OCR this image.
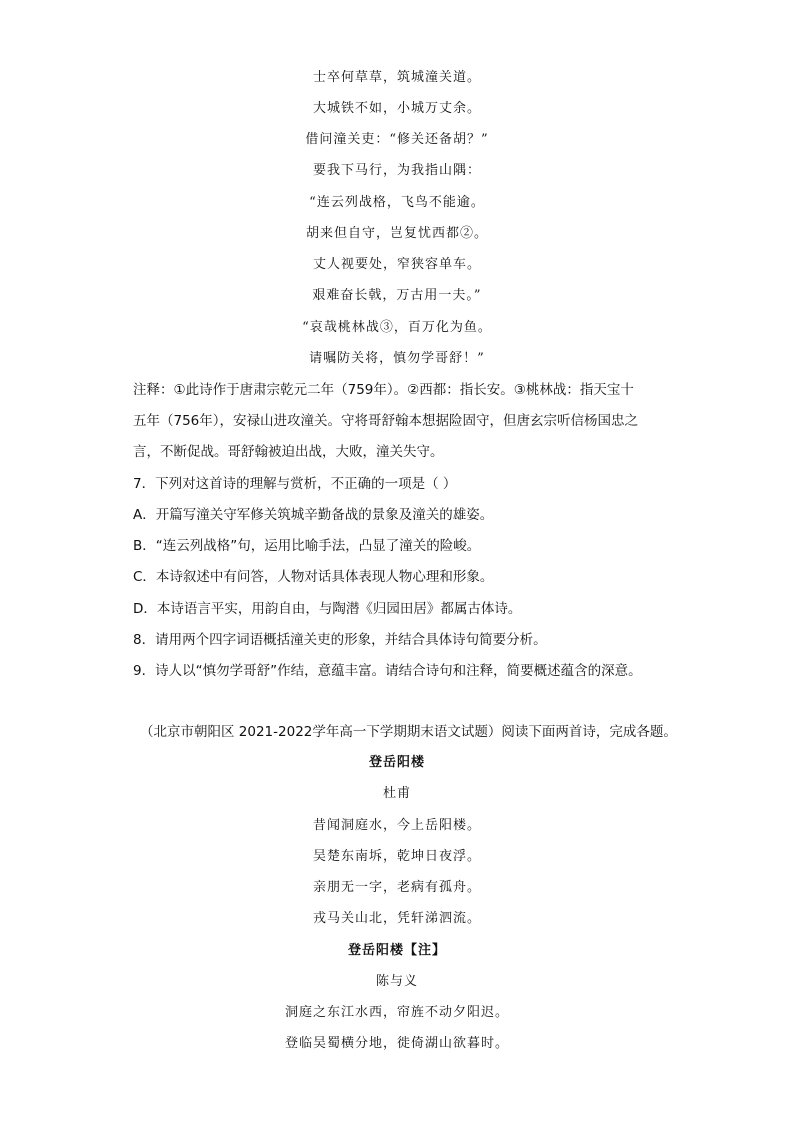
士卒何草草，筑城潼关道。
大城铁不如，小城万丈余。
借问潼关吏：“修关还备胡？”
要我下马行，为我指山隅：
“连云列战格，飞鸟不能逾。
胡来但自守，岂复忧西都②。
丈人视要处，窄狭容单车。
艰难奋长戟，万古用一夫。”
“哀哉桃林战③，百万化为鱼。
请嘱防关将，慎勿学哥舒！”
注释：①此诗作于唐肃宗乾元二年（759年）。②西都：指长安。③桃林战：指天宝十
五年（756年），安禄山进攻潼关。守将哥舒翰本想据险固守，但唐玄宗听信杨国忠之
言，不断促战。哥舒翰被迫出战，大败，潼关失守。
7．下列对这首诗的理解与赏析，不正确的一项是（ ）
A．开篇写潼关守军修关筑城辛勤备战的景象及潼关的雄姿。
B．“连云列战格”句，运用比喻手法，凸显了潼关的险峻。
C．本诗叙述中有问答，人物对话具体表现人物心理和形象。
D．本诗语言平实，用韵自由，与陶潜《归园田居》都属古体诗。
8．请用两个四字词语概括潼关吏的形象，并结合具体诗句简要分析。
9．诗人以“慎勿学哥舒”作结，意蕴丰富。请结合诗句和注释，简要概述蕴含的深意。
（北京市朝阳区 2021-2022学年高一下学期期末语文试题）阅读下面两首诗，完成各题。
登岳阳楼
杜甫
昔闻洞庭水，今上岳阳楼。
吴楚东南坼，乾坤日夜浮。
亲朋无一字，老病有孤舟。
戎马关山北，凭轩涕泗流。
登岳阳楼【注】
陈与义
洞庭之东江水西，帘旌不动夕阳迟。
登临吴蜀横分地，徙倚湖山欲暮时。
